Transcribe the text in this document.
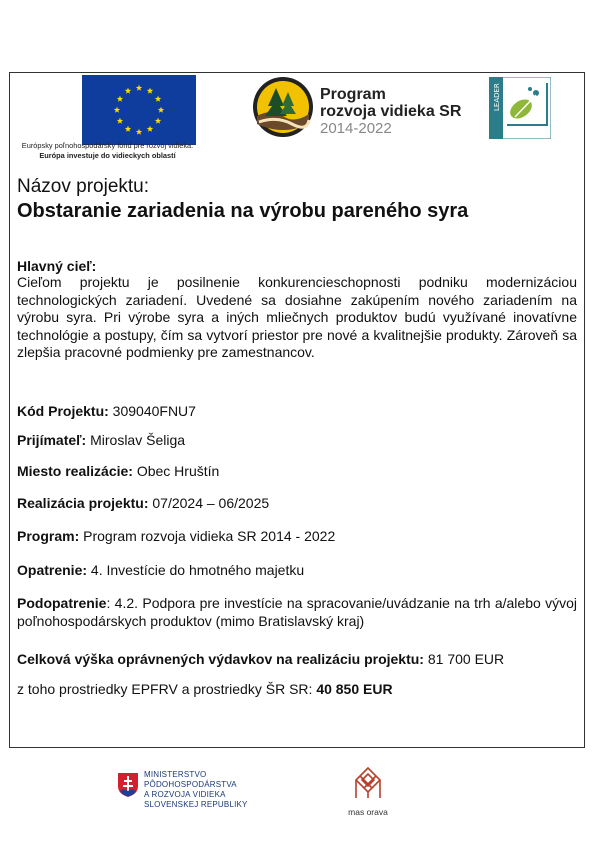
Európsky poľnohospodársky fond pre rozvoj vidieka:
Európa investuje do vidieckych oblastí
Program
rozvoja vidieka SR
2014-2022
LEADER
Názov projektu:
Obstaranie zariadenia na výrobu pareného syra
Hlavný cieľ:
Cieľom projektu je posilnenie konkurencieschopnosti podniku modernizáciou technologických zariadení. Uvedené sa dosiahne zakúpením nového zariadením na výrobu syra. Pri výrobe syra a iných mliečnych produktov budú využívané inovatívne technológie a postupy, čím sa vytvorí priestor pre nové a kvalitnejšie produkty. Zároveň sa zlepšia pracovné podmienky pre zamestnancov.
Kód Projektu: 309040FNU7
Prijímateľ: Miroslav Šeliga
Miesto realizácie: Obec Hruštín
Realizácia projektu: 07/2024 – 06/2025
Program: Program rozvoja vidieka SR 2014 - 2022
Opatrenie: 4. Investície do hmotného majetku
Podopatrenie: 4.2. Podpora pre investície na spracovanie/uvádzanie na trh a/alebo vývoj poľnohospodárskych produktov (mimo Bratislavský kraj)
Celková výška oprávnených výdavkov na realizáciu projektu: 81 700 EUR
z toho prostriedky EPFRV a prostriedky ŠR SR: 40 850 EUR
MINISTERSTVO
PÔDOHOSPODÁRSTVA
A ROZVOJA VIDIEKA
SLOVENSKEJ REPUBLIKY
mas orava
